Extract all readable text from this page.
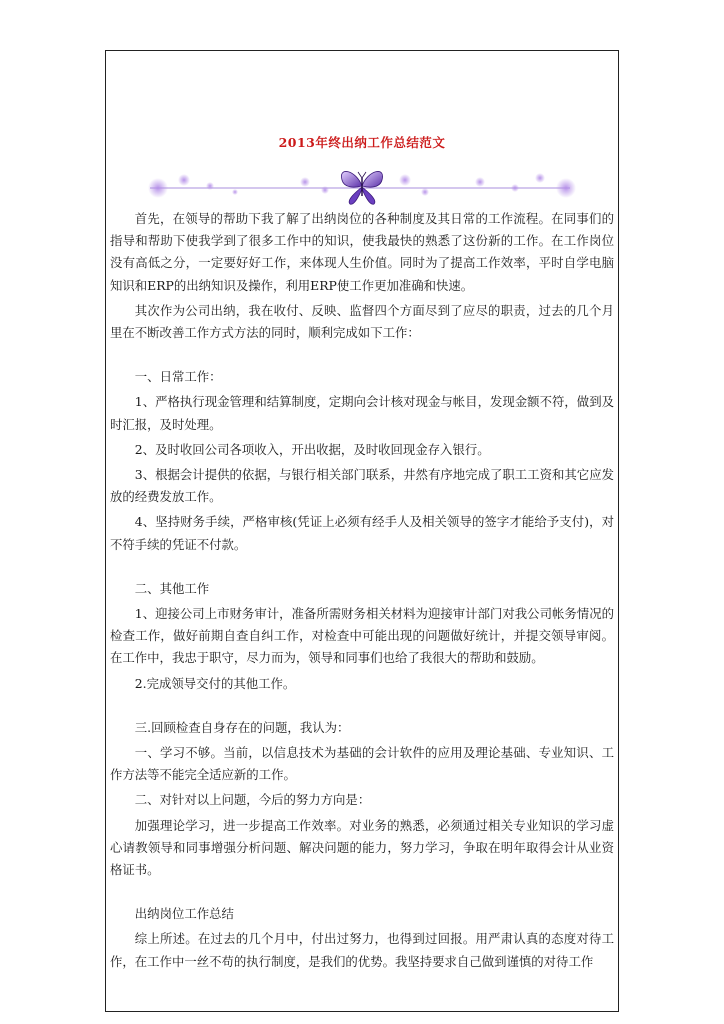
2013年终出纳工作总结范文

首先，在领导的帮助下我了解了出纳岗位的各种制度及其日常的工作流程。在同事们的指导和帮助下使我学到了很多工作中的知识，使我最快的熟悉了这份新的工作。在工作岗位没有高低之分，一定要好好工作，来体现人生价值。同时为了提高工作效率，平时自学电脑知识和ERP的出纳知识及操作，利用ERP使工作更加准确和快速。

其次作为公司出纳，我在收付、反映、监督四个方面尽到了应尽的职责，过去的几个月里在不断改善工作方式方法的同时，顺利完成如下工作：

一、日常工作：

1、严格执行现金管理和结算制度，定期向会计核对现金与帐目，发现金额不符，做到及时汇报，及时处理。

2、及时收回公司各项收入，开出收据，及时收回现金存入银行。

3、根据会计提供的依据，与银行相关部门联系，井然有序地完成了职工工资和其它应发放的经费发放工作。

4、坚持财务手续，严格审核(凭证上必须有经手人及相关领导的签字才能给予支付)，对不符手续的凭证不付款。

二、其他工作

1、迎接公司上市财务审计，准备所需财务相关材料为迎接审计部门对我公司帐务情况的检查工作，做好前期自查自纠工作，对检查中可能出现的问题做好统计，并提交领导审阅。在工作中，我忠于职守，尽力而为，领导和同事们也给了我很大的帮助和鼓励。

2.完成领导交付的其他工作。

三.回顾检查自身存在的问题，我认为：

一、学习不够。当前，以信息技术为基础的会计软件的应用及理论基础、专业知识、工作方法等不能完全适应新的工作。

二、对针对以上问题，今后的努力方向是：

加强理论学习，进一步提高工作效率。对业务的熟悉，必须通过相关专业知识的学习虚心请教领导和同事增强分析问题、解决问题的能力，努力学习，争取在明年取得会计从业资格证书。

出纳岗位工作总结

综上所述。在过去的几个月中，付出过努力，也得到过回报。用严肃认真的态度对待工作，在工作中一丝不苟的执行制度，是我们的优势。我坚持要求自己做到谨慎的对待工作
